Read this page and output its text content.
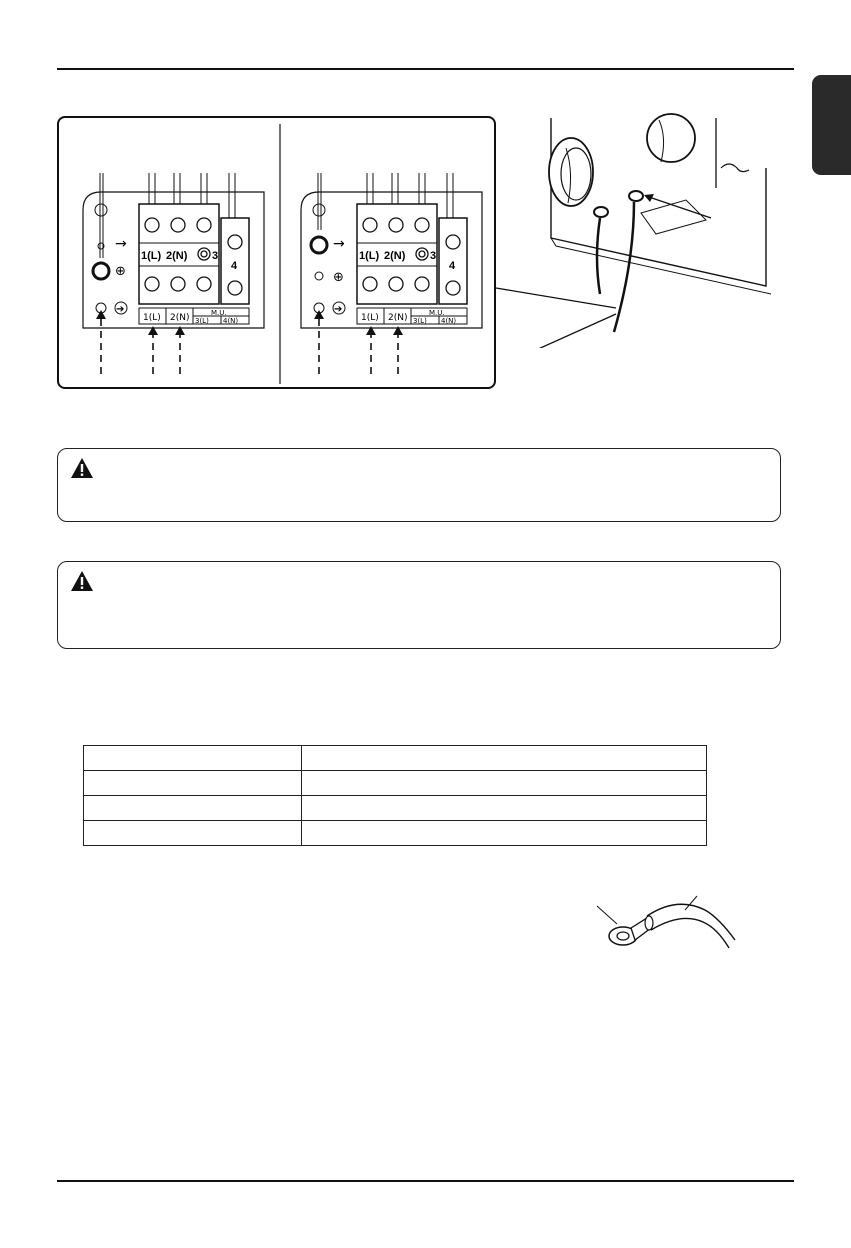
→
⊕
➔
1(L) 2(N) 3
4
1(L) 2(N)	M.U.
3(L) 4(N)
→
⊕
➔
1(L) 2(N) 3
4
1(L) 2(N)	M.U.
3(L) 4(N)
